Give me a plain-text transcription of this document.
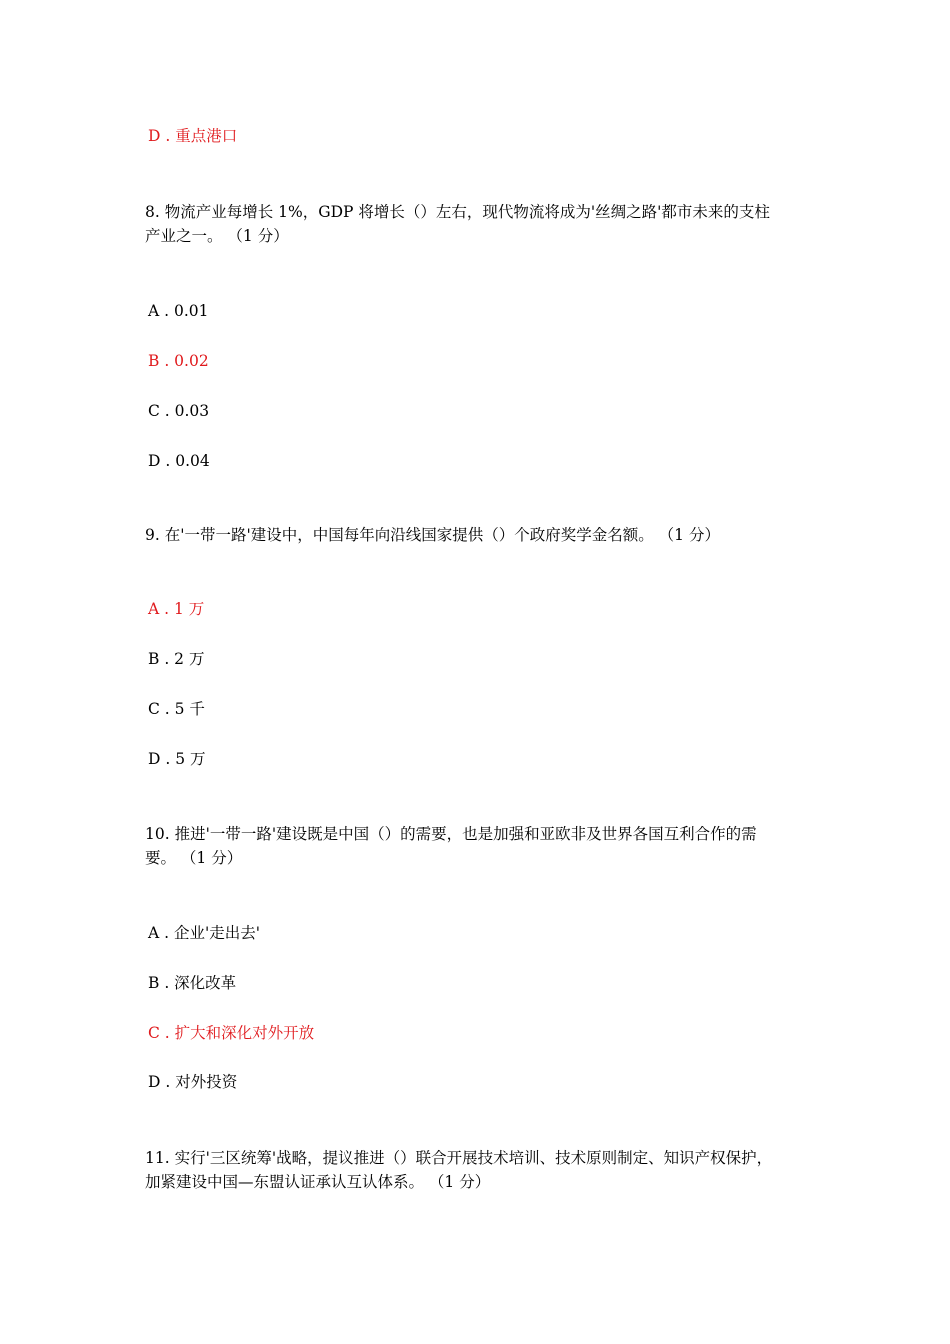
D . 重点港口
8. 物流产业每增长 1%，GDP 将增长（）左右，现代物流将成为'丝绸之路'都市未来的支柱
产业之一。 （1 分）
A . 0.01
B . 0.02
C . 0.03
D . 0.04
9. 在'一带一路'建设中，中国每年向沿线国家提供（）个政府奖学金名额。 （1 分）
A . 1 万
B . 2 万
C . 5 千
D . 5 万
10. 推进'一带一路'建设既是中国（）的需要，也是加强和亚欧非及世界各国互利合作的需
要。 （1 分）
A . 企业'走出去'
B . 深化改革
C . 扩大和深化对外开放
D . 对外投资
11. 实行'三区统筹'战略，提议推进（）联合开展技术培训、技术原则制定、知识产权保护，
加紧建设中国—东盟认证承认互认体系。 （1 分）
